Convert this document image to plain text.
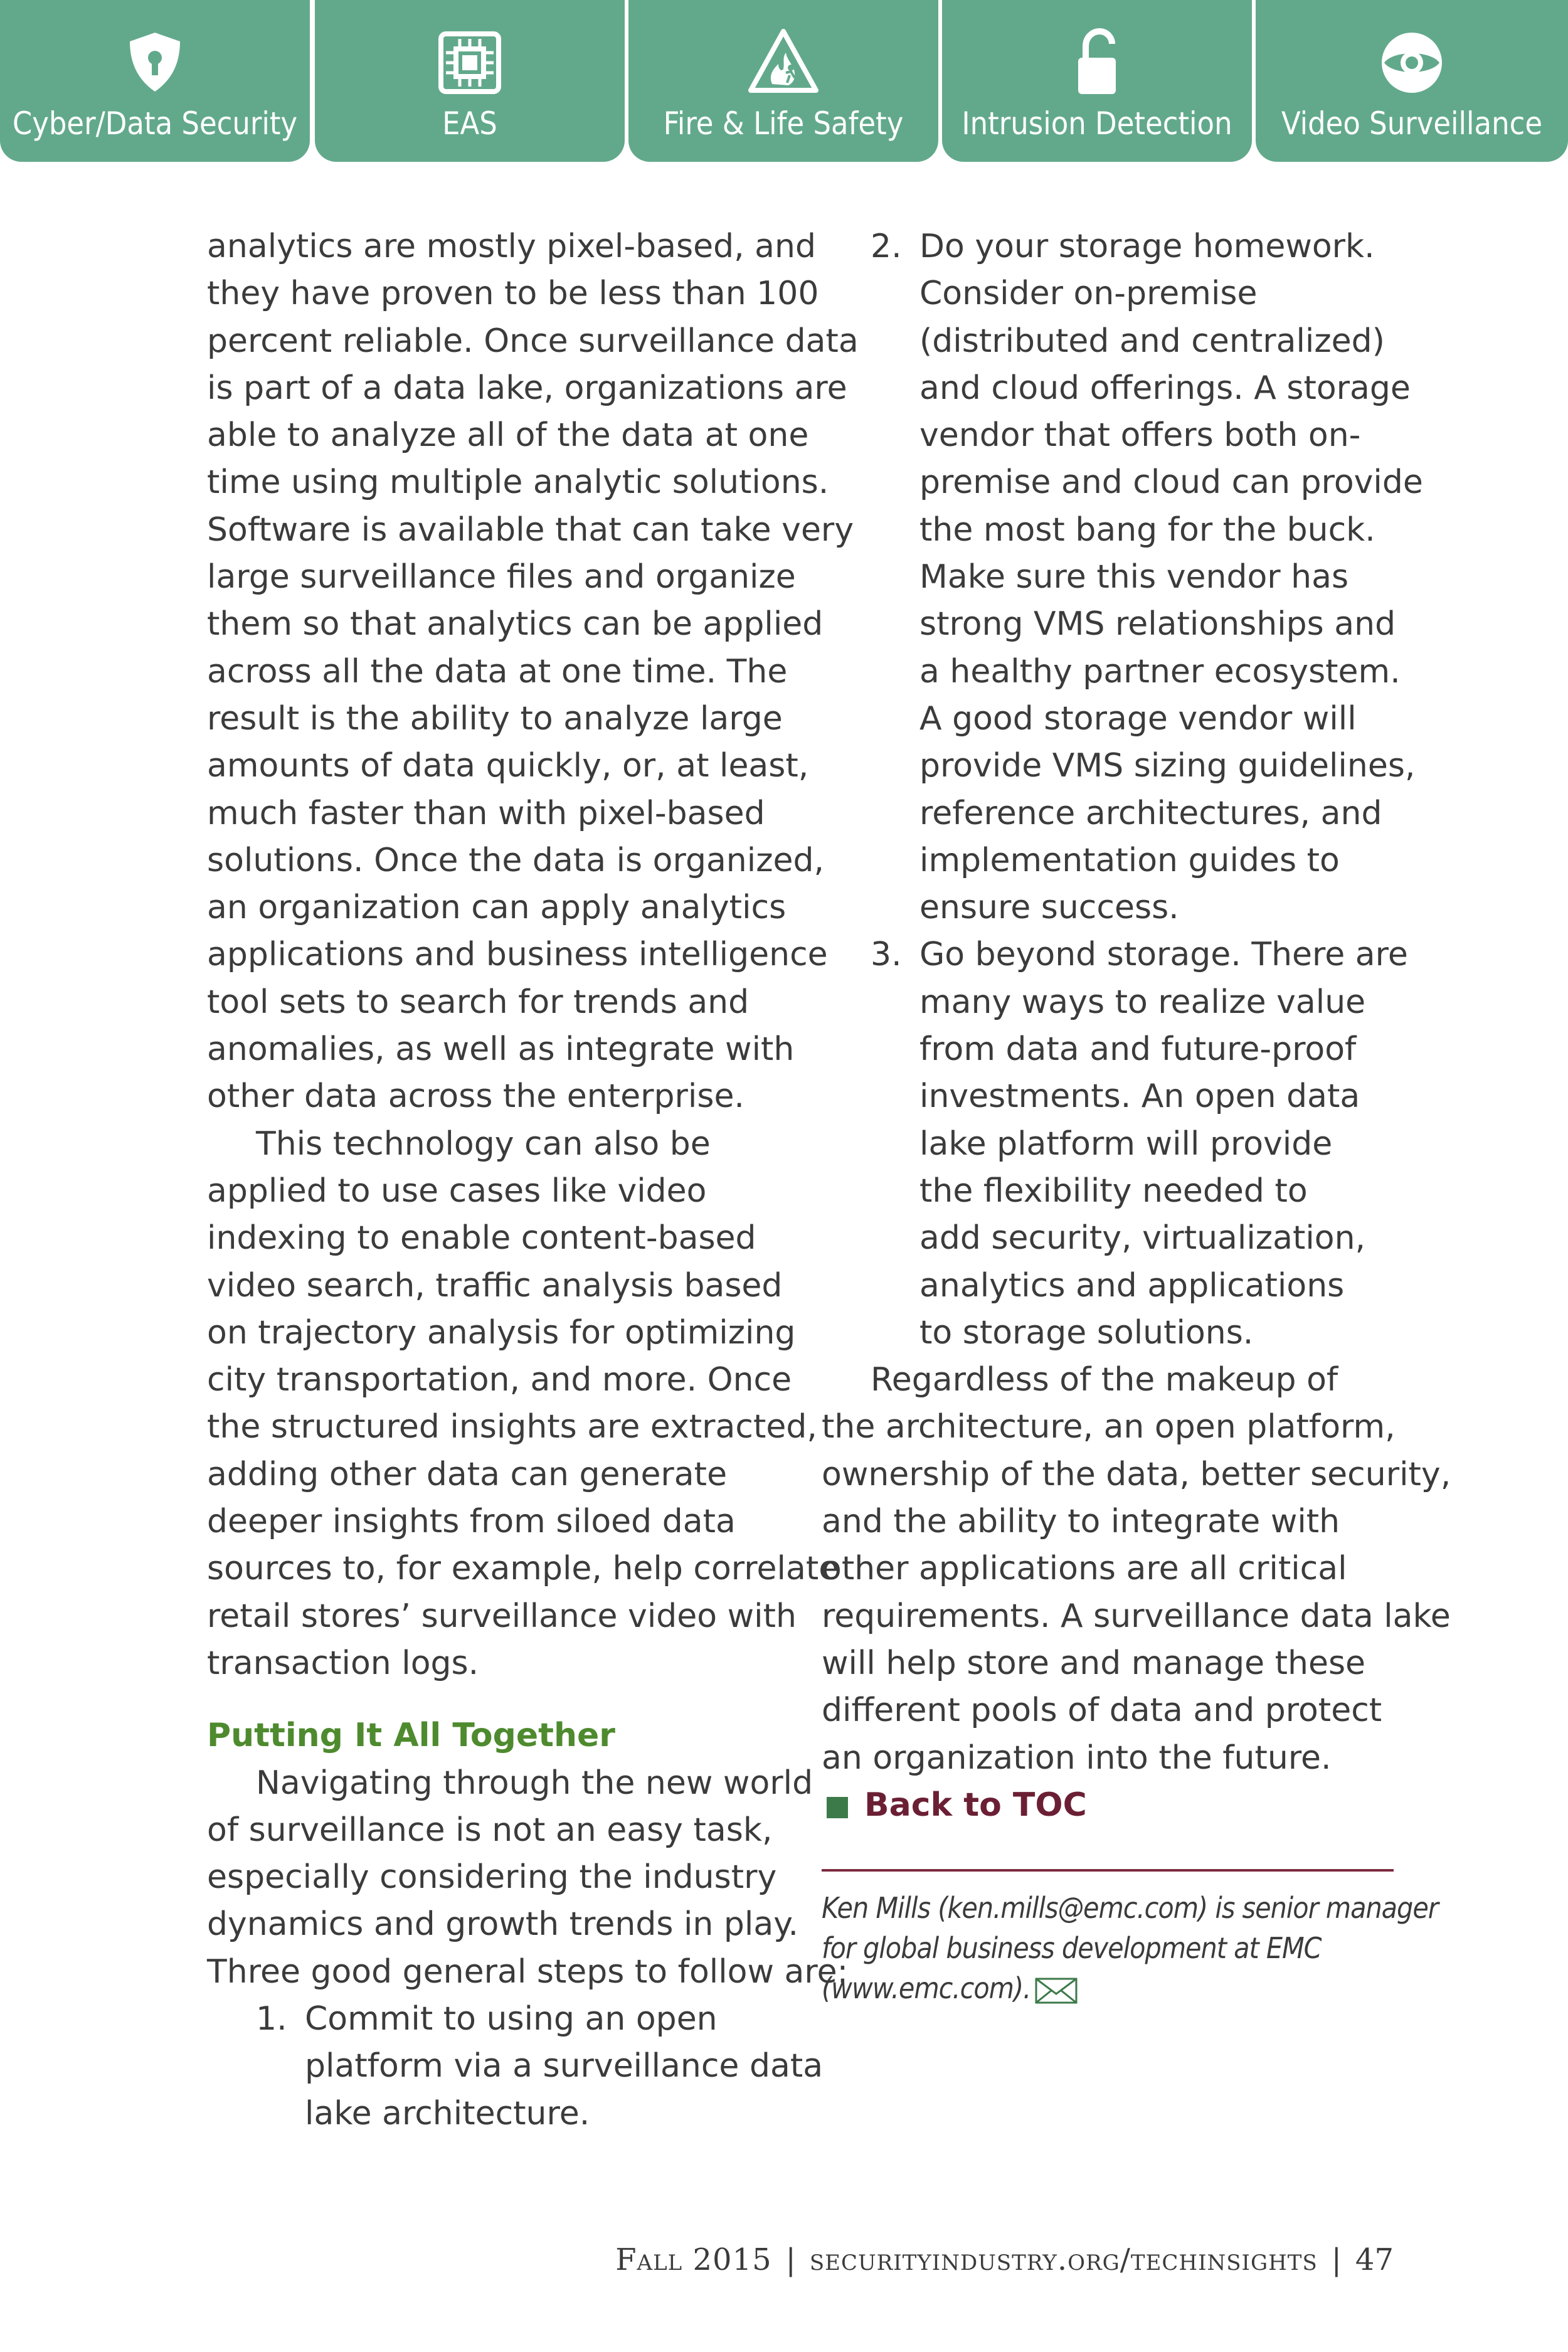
Cyber/Data Security	EAS	Fire & Life Safety	Intrusion Detection	Video Surveillance
analytics are mostly pixel-based, and
they have proven to be less than 100
percent reliable. Once surveillance data
is part of a data lake, organizations are
able to analyze all of the data at one
time using multiple analytic solutions.
Software is available that can take very
large surveillance files and organize
them so that analytics can be applied
across all the data at one time. The
result is the ability to analyze large
amounts of data quickly, or, at least,
much faster than with pixel-based
solutions. Once the data is organized,
an organization can apply analytics
applications and business intelligence
tool sets to search for trends and
anomalies, as well as integrate with
other data across the enterprise.
This technology can also be
applied to use cases like video
indexing to enable content-based
video search, traffic analysis based
on trajectory analysis for optimizing
city transportation, and more. Once
the structured insights are extracted,
adding other data can generate
deeper insights from siloed data
sources to, for example, help correlate
retail stores’ surveillance video with
transaction logs.
Putting It All Together
Navigating through the new world
of surveillance is not an easy task,
especially considering the industry
dynamics and growth trends in play.
Three good general steps to follow are:
1. Commit to using an open
platform via a surveillance data
lake architecture.
2. Do your storage homework.
Consider on-premise
(distributed and centralized)
and cloud offerings. A storage
vendor that offers both on-
premise and cloud can provide
the most bang for the buck.
Make sure this vendor has
strong VMS relationships and
a healthy partner ecosystem.
A good storage vendor will
provide VMS sizing guidelines,
reference architectures, and
implementation guides to
ensure success.
3. Go beyond storage. There are
many ways to realize value
from data and future-proof
investments. An open data
lake platform will provide
the flexibility needed to
add security, virtualization,
analytics and applications
to storage solutions.
Regardless of the makeup of
the architecture, an open platform,
ownership of the data, better security,
and the ability to integrate with
other applications are all critical
requirements. A surveillance data lake
will help store and manage these
different pools of data and protect
an organization into the future.
Back to TOC
Ken Mills (ken.mills@emc.com) is senior manager
for global business development at EMC
(www.emc.com).
Fall 2015 | securityindustry.org/techinsights | 47
